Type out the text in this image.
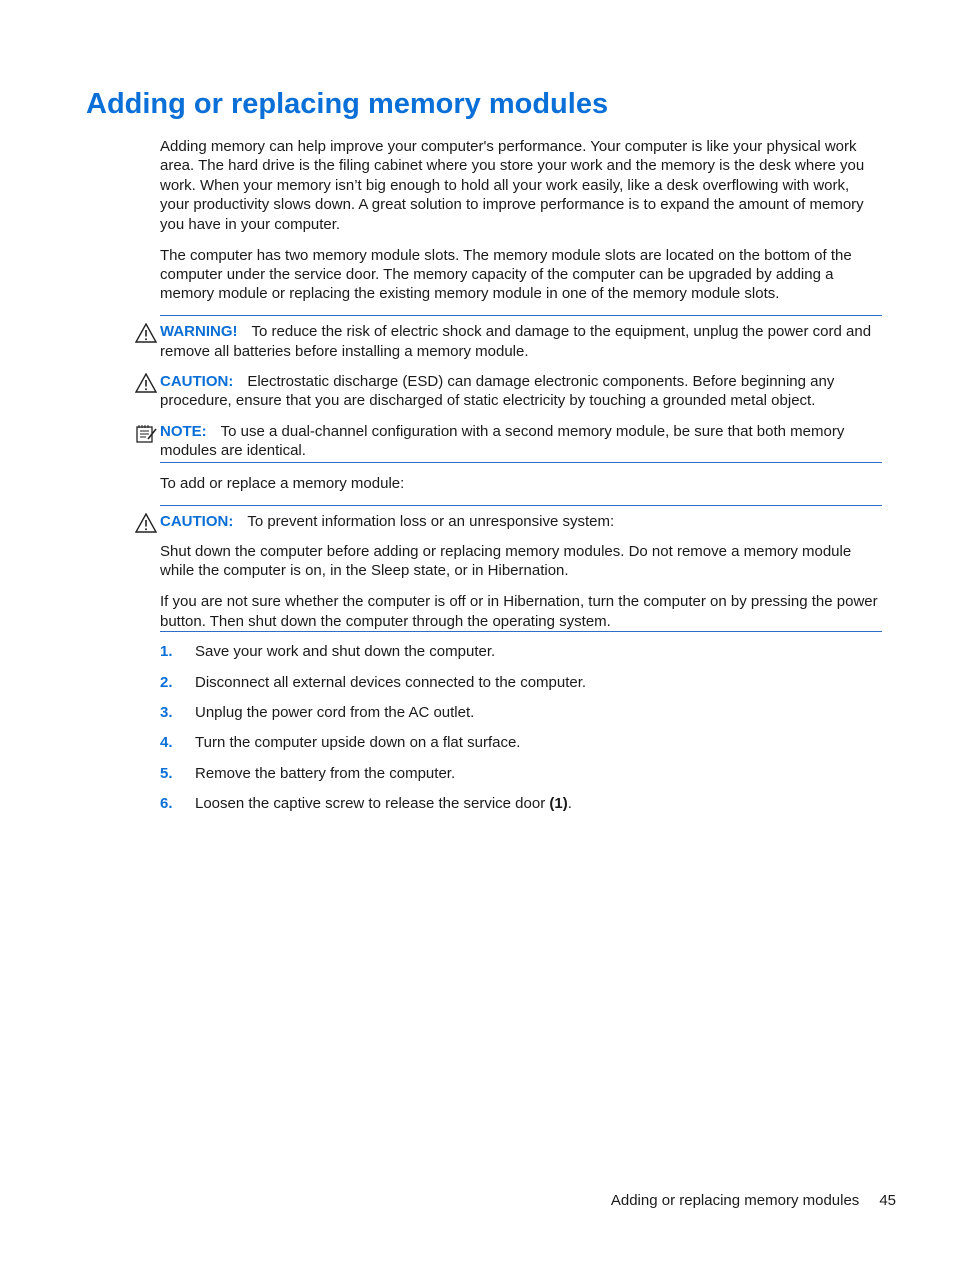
Adding or replacing memory modules

Adding memory can help improve your computer's performance. Your computer is like your physical work area. The hard drive is the filing cabinet where you store your work and the memory is the desk where you work. When your memory isn’t big enough to hold all your work easily, like a desk overflowing with work, your productivity slows down. A great solution to improve performance is to expand the amount of memory you have in your computer.

The computer has two memory module slots. The memory module slots are located on the bottom of the computer under the service door. The memory capacity of the computer can be upgraded by adding a memory module or replacing the existing memory module in one of the memory module slots.

WARNING! To reduce the risk of electric shock and damage to the equipment, unplug the power cord and remove all batteries before installing a memory module.
CAUTION: Electrostatic discharge (ESD) can damage electronic components. Before beginning any procedure, ensure that you are discharged of static electricity by touching a grounded metal object.
NOTE: To use a dual-channel configuration with a second memory module, be sure that both memory modules are identical.

To add or replace a memory module:

CAUTION: To prevent information loss or an unresponsive system:

Shut down the computer before adding or replacing memory modules. Do not remove a memory module while the computer is on, in the Sleep state, or in Hibernation.

If you are not sure whether the computer is off or in Hibernation, turn the computer on by pressing the power button. Then shut down the computer through the operating system.

1. Save your work and shut down the computer.
2. Disconnect all external devices connected to the computer.
3. Unplug the power cord from the AC outlet.
4. Turn the computer upside down on a flat surface.
5. Remove the battery from the computer.
6. Loosen the captive screw to release the service door (1).
Adding or replacing memory modules 45
